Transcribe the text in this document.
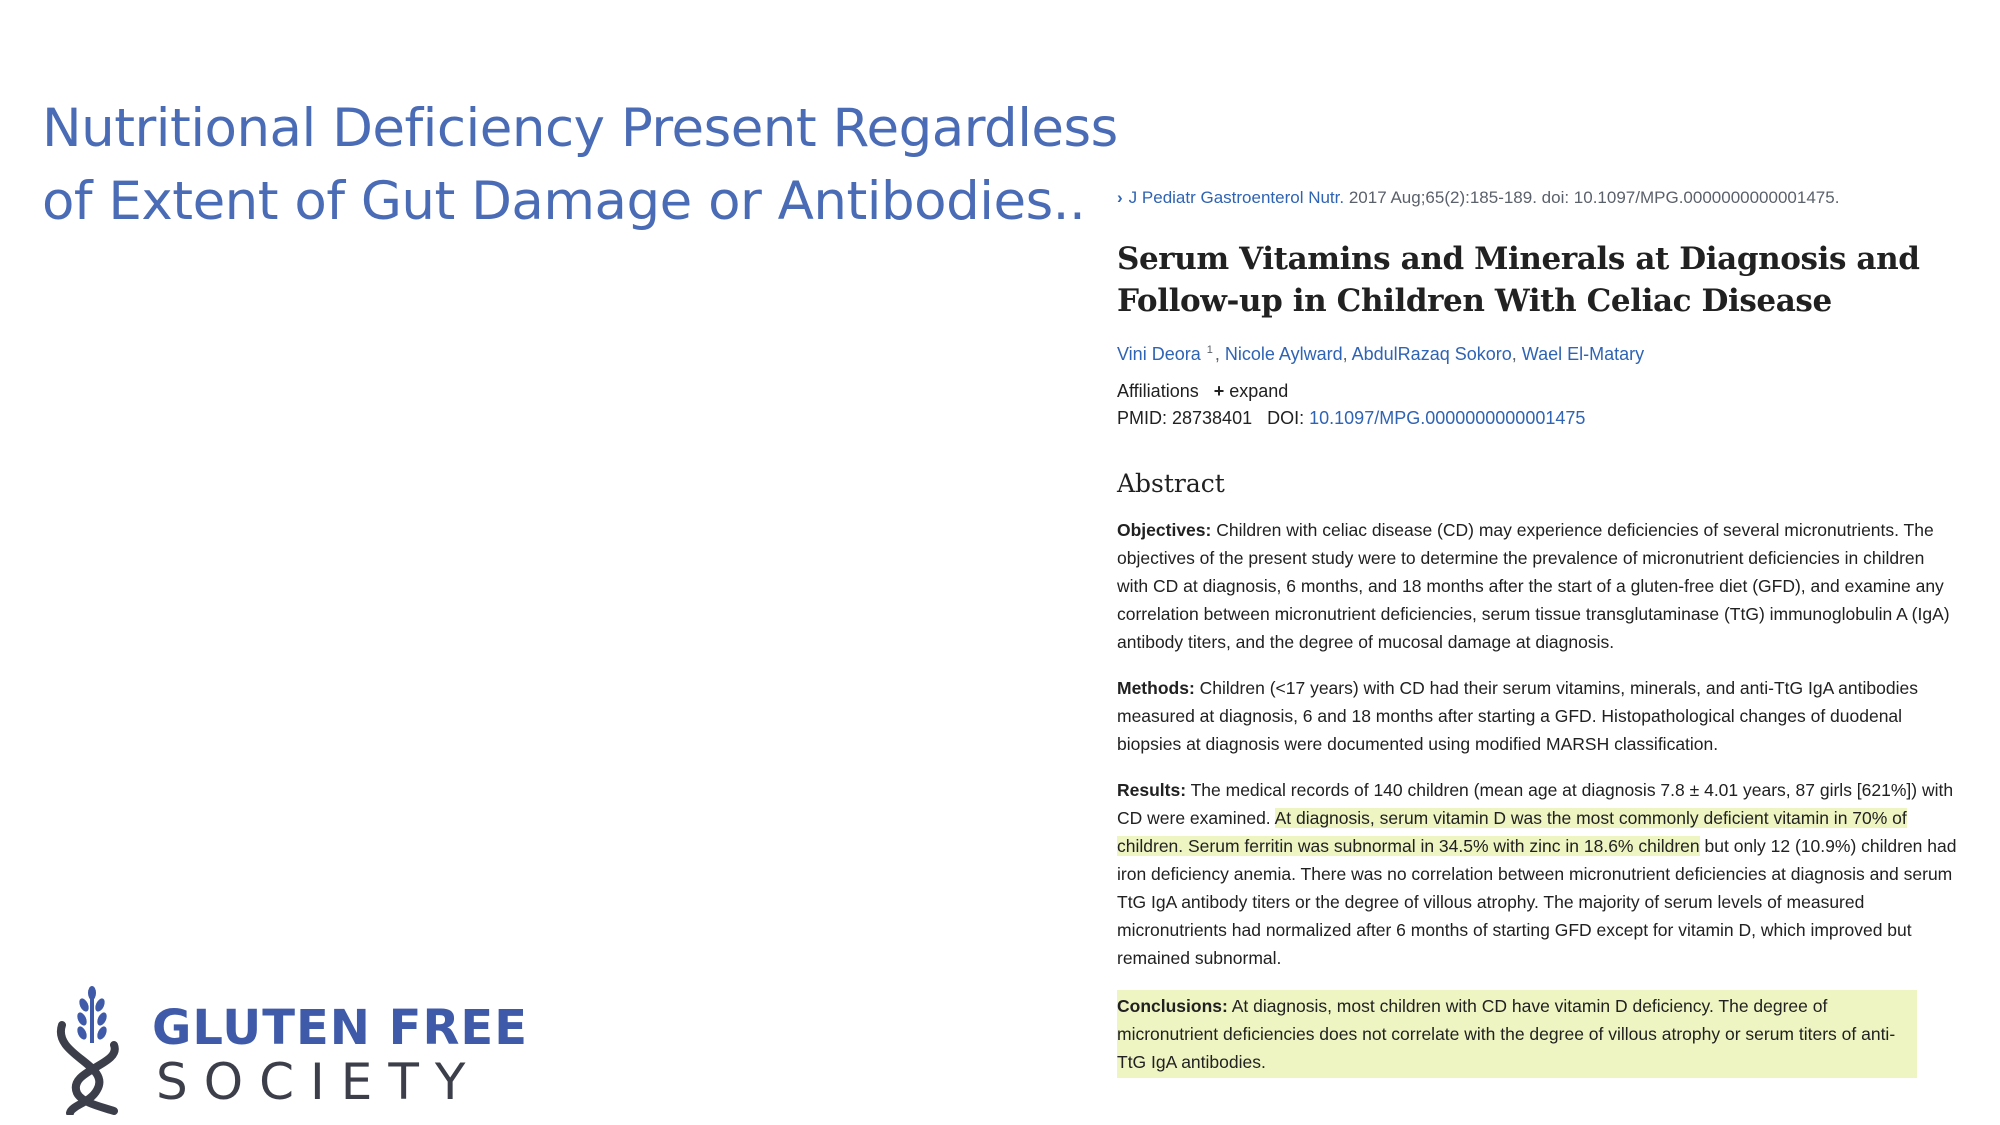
Nutritional Deficiency Present Regardless
of Extent of Gut Damage or Antibodies..	› J Pediatr Gastroenterol Nutr. 2017 Aug;65(2):185-189. doi: 10.1097/MPG.0000000000001475.
Serum Vitamins and Minerals at Diagnosis and
Follow-up in Children With Celiac Disease
Vini Deora $^1$ , Nicole Aylward, AbdulRazaq Sokoro, Wael El-Matary
Affiliations + expand
PMID: 28738401 DOI: 10.1097/MPG.0000000000001475
Abstract

Objectives: Children with celiac disease (CD) may experience deficiencies of several micronutrients. The objectives of the present study were to determine the prevalence of micronutrient deficiencies in children with CD at diagnosis, 6 months, and 18 months after the start of a gluten-free diet (GFD), and examine any correlation between micronutrient deficiencies, serum tissue transglutaminase (TtG) immunoglobulin A (IgA) antibody titers, and the degree of mucosal damage at diagnosis.

Methods: Children (<17 years) with CD had their serum vitamins, minerals, and anti-TtG IgA antibodies measured at diagnosis, 6 and 18 months after starting a GFD. Histopathological changes of duodenal biopsies at diagnosis were documented using modified MARSH classification.

Results: The medical records of 140 children (mean age at diagnosis 7.8 ± 4.01 years, 87 girls [621%]) with CD were examined. At diagnosis, serum vitamin D was the most commonly deficient vitamin in 70% of children. Serum ferritin was subnormal in 34.5% with zinc in 18.6% children but only 12 (10.9%) children had iron deficiency anemia. There was no correlation between micronutrient deficiencies at diagnosis and serum TtG IgA antibody titers or the degree of villous atrophy. The majority of serum levels of measured micronutrients had normalized after 6 months of starting GFD except for vitamin D, which improved but remained subnormal.

Conclusions: At diagnosis, most children with CD have vitamin D deficiency. The degree of micronutrient deficiencies does not correlate with the degree of villous atrophy or serum titers of anti-TtG IgA antibodies.

GLUTEN FREE
SOCIETY
